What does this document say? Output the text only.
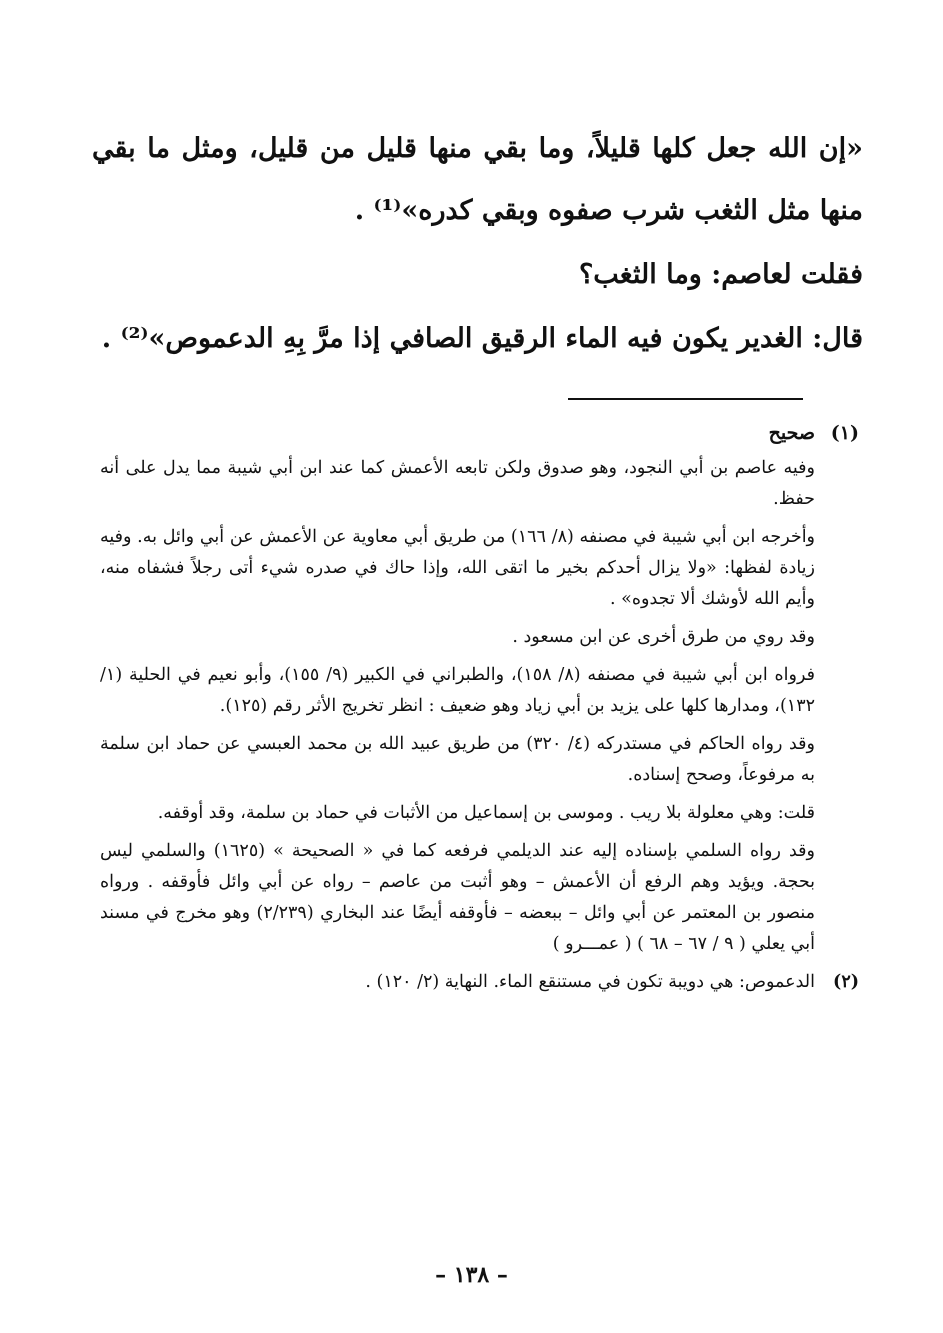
«إن الله جعل كلها قليلاً، وما بقي منها قليل من قليل، ومثل ما بقي منها مثل الثغب شرب صفوه وبقي كدره»⁽¹⁾ .

فقلت لعاصم: وما الثغب؟

قال: الغدير يكون فيه الماء الرقيق الصافي إذا مرَّ بِهِ الدعموص»⁽²⁾ .

(١)
صحيح

وفيه عاصم بن أبي النجود، وهو صدوق ولكن تابعه الأعمش كما عند ابن أبي شيبة مما يدل على أنه حفظ.

وأخرجه ابن أبي شيبة في مصنفه (٨/ ١٦٦) من طريق أبي معاوية عن الأعمش عن أبي وائل به. وفيه زيادة لفظها: «ولا يزال أحدكم بخير ما اتقى الله، وإذا حاك في صدره شيء أتى رجلاً فشفاه منه، وأيم الله لأوشك ألا تجدوه» .

وقد روي من طرق أخرى عن ابن مسعود .

فرواه ابن أبي شيبة في مصنفه (٨/ ١٥٨)، والطبراني في الكبير (٩/ ١٥٥)، وأبو نعيم في الحلية (١/ ١٣٢)، ومدارها كلها على يزيد بن أبي زياد وهو ضعيف : انظر تخريج الأثر رقم (١٢٥).

وقد رواه الحاكم في مستدركه (٤/ ٣٢٠) من طريق عبيد الله بن محمد العبسي عن حماد ابن سلمة به مرفوعاً، وصحح إسناده.

قلت: وهي معلولة بلا ريب . وموسى بن إسماعيل من الأثبات في حماد بن سلمة، وقد أوقفه.

وقد رواه السلمي بإسناده إليه عند الديلمي فرفعه كما في « الصحيحة » (١٦٢٥) والسلمي ليس بحجة. ويؤيد وهم الرفع أن الأعمش – وهو أثبت من عاصم – رواه عن أبي وائل فأوقفه . ورواه منصور بن المعتمر عن أبي وائل – ببعضه – فأوقفه أيضًا عند البخاري (٢/٢٣٩) وهو مخرج في مسند أبي يعلي ( ٩ / ٦٧ – ٦٨ ) ( عمـــرو )

(٢)
الدعموص: هي دويبة تكون في مستنقع الماء. النهاية (٢/ ١٢٠) .
– ١٣٨ –
